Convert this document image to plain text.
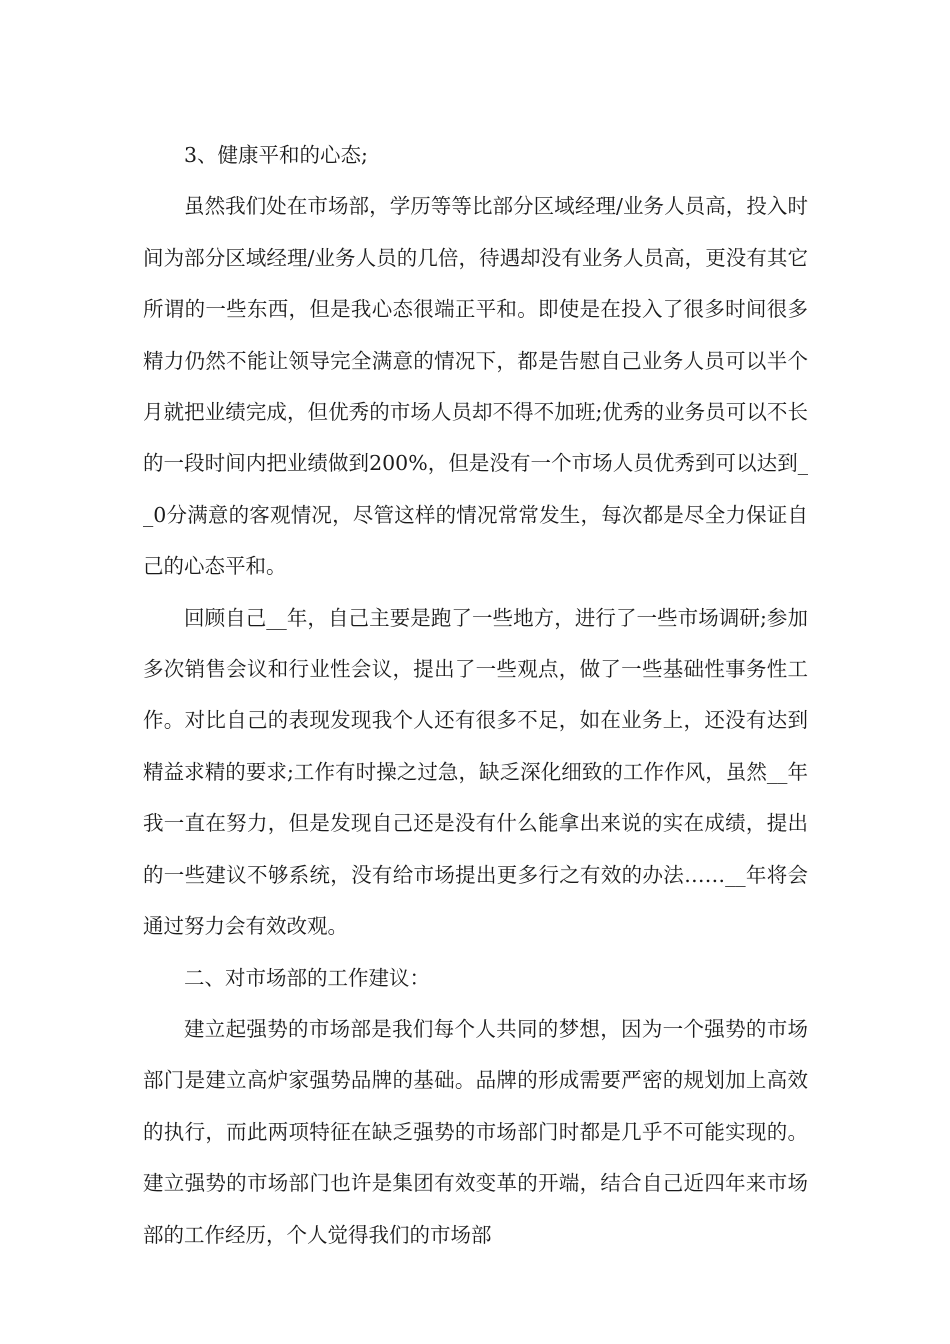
3、健康平和的心态;

虽然我们处在市场部，学历等等比部分区域经理/业务人员高，投入时间为部分区域经理/业务人员的几倍，待遇却没有业务人员高，更没有其它所谓的一些东西，但是我心态很端正平和。即使是在投入了很多时间很多精力仍然不能让领导完全满意的情况下，都是告慰自己业务人员可以半个月就把业绩完成，但优秀的市场人员却不得不加班;优秀的业务员可以不长的一段时间内把业绩做到200%，但是没有一个市场人员优秀到可以达到__0分满意的客观情况，尽管这样的情况常常发生，每次都是尽全力保证自己的心态平和。

回顾自己__年，自己主要是跑了一些地方，进行了一些市场调研;参加多次销售会议和行业性会议，提出了一些观点，做了一些基础性事务性工作。对比自己的表现发现我个人还有很多不足，如在业务上，还没有达到精益求精的要求;工作有时操之过急，缺乏深化细致的工作作风，虽然__年我一直在努力，但是发现自己还是没有什么能拿出来说的实在成绩，提出的一些建议不够系统，没有给市场提出更多行之有效的办法……__年将会通过努力会有效改观。

二、对市场部的工作建议：

建立起强势的市场部是我们每个人共同的梦想，因为一个强势的市场部门是建立高炉家强势品牌的基础。品牌的形成需要严密的规划加上高效的执行，而此两项特征在缺乏强势的市场部门时都是几乎不可能实现的。建立强势的市场部门也许是集团有效变革的开端，结合自己近四年来市场部的工作经历，个人觉得我们的市场部
